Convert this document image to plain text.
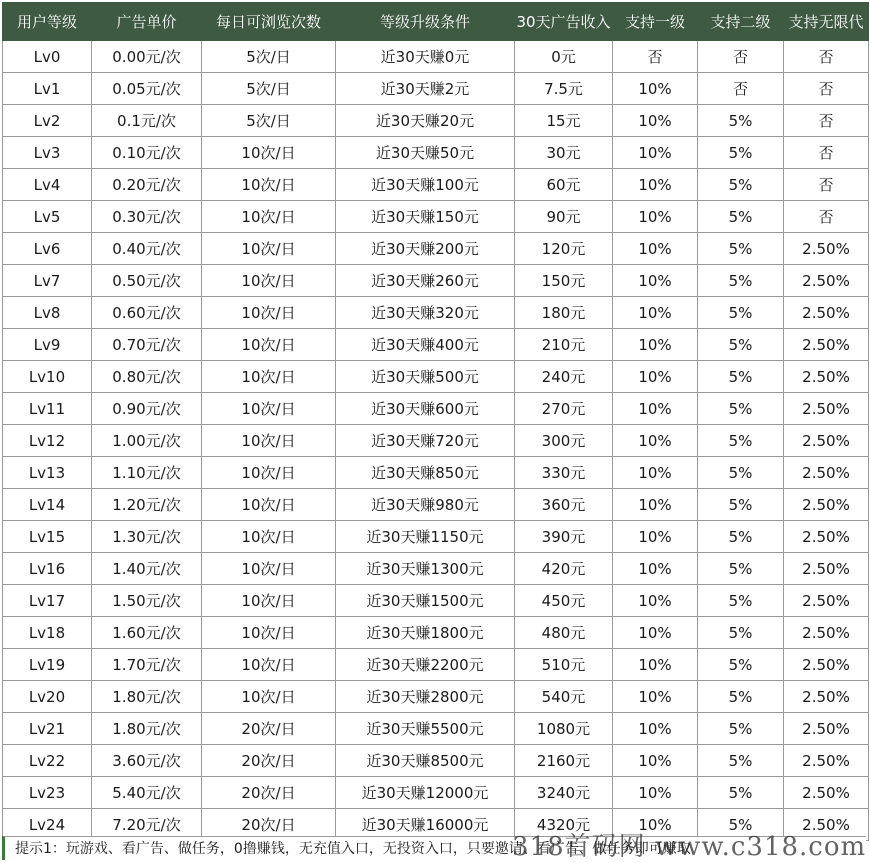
用户等级	广告单价	每日可浏览次数	等级升级条件	30天广告收入	支持一级	支持二级	支持无限代
Lv0	0.00元/次	5次/日	近30天赚0元	0元	否	否	否
Lv1	0.05元/次	5次/日	近30天赚2元	7.5元	10%	否	否
Lv2	0.1元/次	5次/日	近30天赚20元	15元	10%	5%	否
Lv3	0.10元/次	10次/日	近30天赚50元	30元	10%	5%	否
Lv4	0.20元/次	10次/日	近30天赚100元	60元	10%	5%	否
Lv5	0.30元/次	10次/日	近30天赚150元	90元	10%	5%	否
Lv6	0.40元/次	10次/日	近30天赚200元	120元	10%	5%	2.50%
Lv7	0.50元/次	10次/日	近30天赚260元	150元	10%	5%	2.50%
Lv8	0.60元/次	10次/日	近30天赚320元	180元	10%	5%	2.50%
Lv9	0.70元/次	10次/日	近30天赚400元	210元	10%	5%	2.50%
Lv10	0.80元/次	10次/日	近30天赚500元	240元	10%	5%	2.50%
Lv11	0.90元/次	10次/日	近30天赚600元	270元	10%	5%	2.50%
Lv12	1.00元/次	10次/日	近30天赚720元	300元	10%	5%	2.50%
Lv13	1.10元/次	10次/日	近30天赚850元	330元	10%	5%	2.50%
Lv14	1.20元/次	10次/日	近30天赚980元	360元	10%	5%	2.50%
Lv15	1.30元/次	10次/日	近30天赚1150元	390元	10%	5%	2.50%
Lv16	1.40元/次	10次/日	近30天赚1300元	420元	10%	5%	2.50%
Lv17	1.50元/次	10次/日	近30天赚1500元	450元	10%	5%	2.50%
Lv18	1.60元/次	10次/日	近30天赚1800元	480元	10%	5%	2.50%
Lv19	1.70元/次	10次/日	近30天赚2200元	510元	10%	5%	2.50%
Lv20	1.80元/次	10次/日	近30天赚2800元	540元	10%	5%	2.50%
Lv21	1.80元/次	20次/日	近30天赚5500元	1080元	10%	5%	2.50%
Lv22	3.60元/次	20次/日	近30天赚8500元	2160元	10%	5%	2.50%
Lv23	5.40元/次	20次/日	近30天赚12000元	3240元	10%	5%	2.50%
Lv24	7.20元/次	20次/日	近30天赚16000元	4320元	10%	5%	2.50%
提示1：玩游戏、看广告、做任务，0撸赚钱，无充值入口，无投资入口，只要邀请、看广告、做任务即可赚取
318首码网 www.c318.com
